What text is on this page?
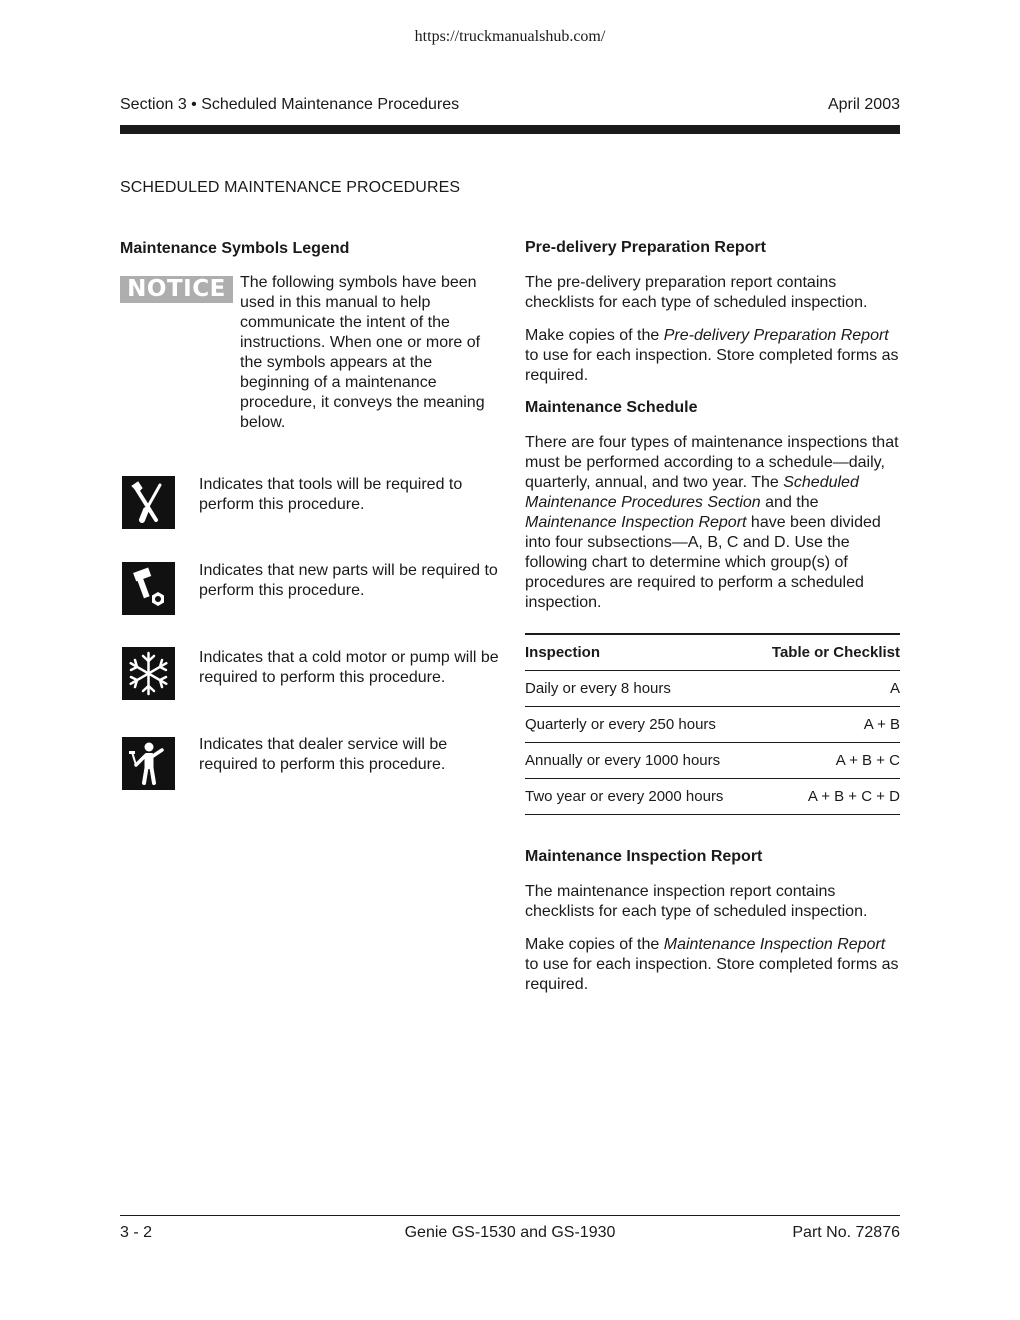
https://truckmanualshub.com/
Section 3 • Scheduled Maintenance Procedures	April 2003
SCHEDULED MAINTENANCE PROCEDURES
Maintenance Symbols Legend
NOTICE The following symbols have been used in this manual to help communicate the intent of the instructions. When one or more of the symbols appears at the beginning of a maintenance procedure, it conveys the meaning below.

Indicates that tools will be required to perform this procedure.

Indicates that new parts will be required to perform this procedure.

Indicates that a cold motor or pump will be required to perform this procedure.

Indicates that dealer service will be required to perform this procedure.

Pre-delivery Preparation Report

The pre-delivery preparation report contains checklists for each type of scheduled inspection.

Make copies of the Pre-delivery Preparation Report to use for each inspection. Store completed forms as required.

Maintenance Schedule

There are four types of maintenance inspections that must be performed according to a schedule—daily, quarterly, annual, and two year. The Scheduled Maintenance Procedures Section and the Maintenance Inspection Report have been divided into four subsections—A, B, C and D. Use the following chart to determine which group(s) of procedures are required to perform a scheduled inspection.

Inspection	Table or Checklist
Daily or every 8 hours	A
Quarterly or every 250 hours	A + B
Annually or every 1000 hours	A + B + C
Two year or every 2000 hours	A + B + C + D
Maintenance Inspection Report

The maintenance inspection report contains checklists for each type of scheduled inspection.

Make copies of the Maintenance Inspection Report to use for each inspection. Store completed forms as required.

3 - 2	Genie GS-1530 and GS-1930	Part No. 72876
